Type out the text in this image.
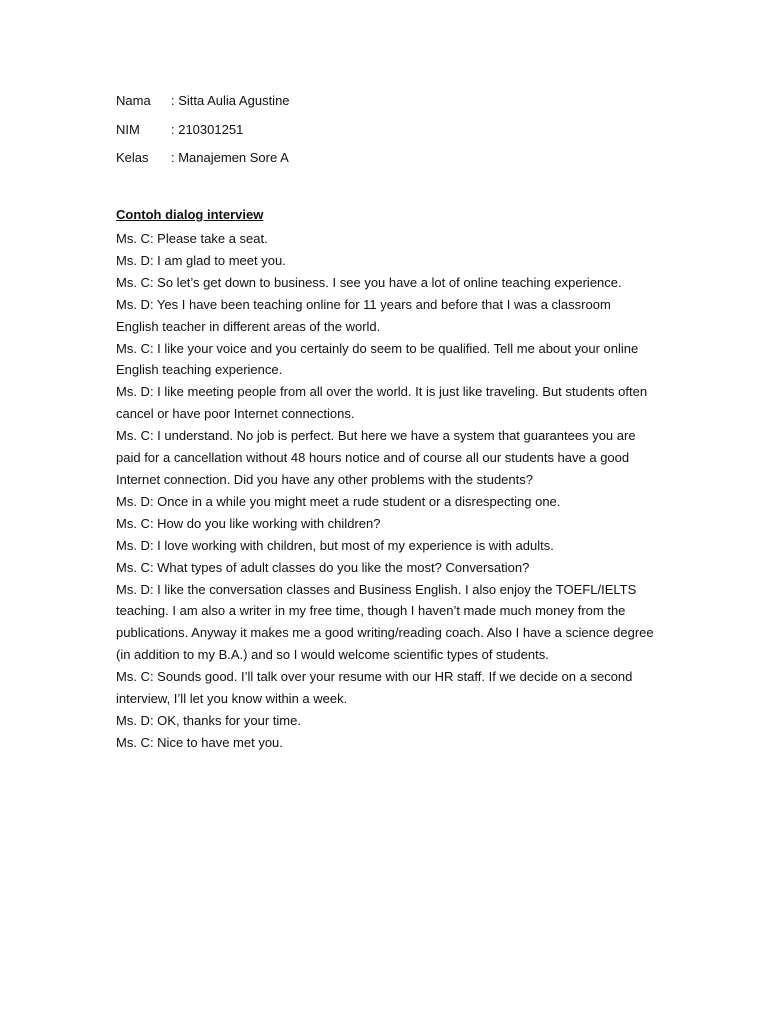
Nama : Sitta Aulia Agustine
NIM : 210301251
Kelas : Manajemen Sore A
Contoh dialog interview

Ms. C: Please take a seat.

Ms. D: I am glad to meet you.

Ms. C: So let’s get down to business. I see you have a lot of online teaching experience.

Ms. D: Yes I have been teaching online for 11 years and before that I was a classroom English teacher in different areas of the world.

Ms. C: I like your voice and you certainly do seem to be qualified. Tell me about your online English teaching experience.

Ms. D: I like meeting people from all over the world. It is just like traveling. But students often cancel or have poor Internet connections.

Ms. C: I understand. No job is perfect. But here we have a system that guarantees you are paid for a cancellation without 48 hours notice and of course all our students have a good Internet connection. Did you have any other problems with the students?

Ms. D: Once in a while you might meet a rude student or a disrespecting one.

Ms. C: How do you like working with children?

Ms. D: I love working with children, but most of my experience is with adults.

Ms. C: What types of adult classes do you like the most? Conversation?

Ms. D: I like the conversation classes and Business English. I also enjoy the TOEFL/IELTS teaching. I am also a writer in my free time, though I haven’t made much money from the publications. Anyway it makes me a good writing/reading coach. Also I have a science degree (in addition to my B.A.) and so I would welcome scientific types of students.

Ms. C: Sounds good. I’ll talk over your resume with our HR staff. If we decide on a second interview, I’ll let you know within a week.

Ms. D: OK, thanks for your time.

Ms. C: Nice to have met you.
